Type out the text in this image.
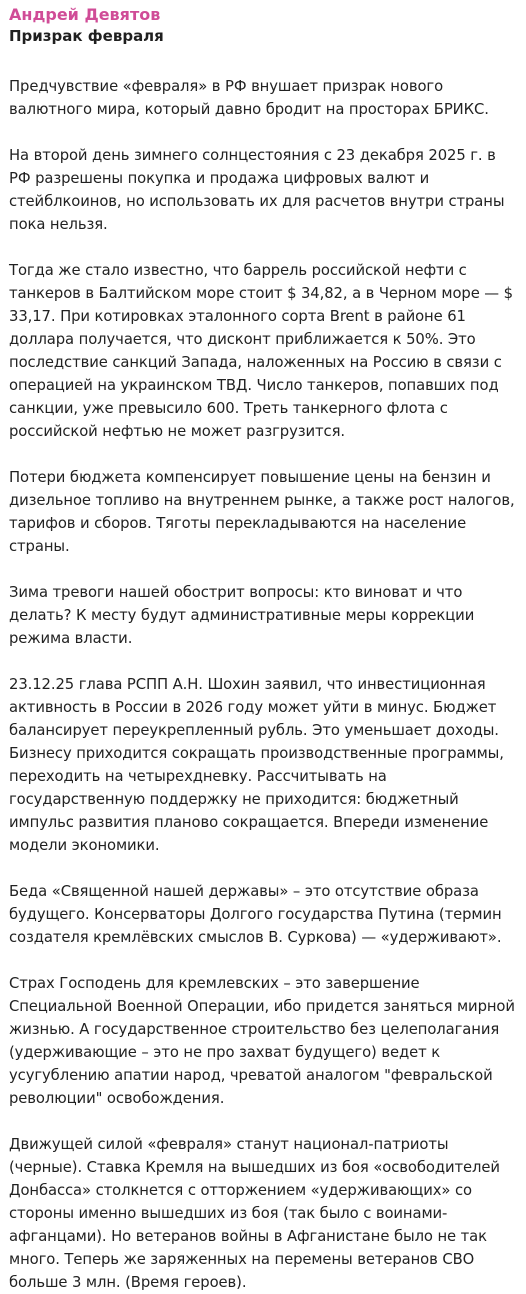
Андрей Девятов
Призрак февраля

Предчувствие «февраля» в РФ внушает призрак нового валютного мира, который давно бродит на просторах БРИКС.

На второй день зимнего солнцестояния с 23 декабря 2025 г. в РФ разрешены покупка и продажа цифровых валют и стейблкоинов, но использовать их для расчетов внутри страны пока нельзя.

Тогда же стало известно, что баррель российской нефти с танкеров в Балтийском море стоит $ 34,82, а в Черном море — $ 33,17. При котировках эталонного сорта Brent в районе 61 доллара получается, что дисконт приближается к 50%. Это последствие санкций Запада, наложенных на Россию в связи с операцией на украинском ТВД. Число танкеров, попавших под санкции, уже превысило 600. Треть танкерного флота с российской нефтью не может разгрузится.

Потери бюджета компенсирует повышение цены на бензин и дизельное топливо на внутреннем рынке, а также рост налогов, тарифов и сборов. Тяготы перекладываются на население страны.

Зима тревоги нашей обострит вопросы: кто виноват и что делать? К месту будут административные меры коррекции режима власти.

23.12.25 глава РСПП А.Н. Шохин заявил, что инвестиционная активность в России в 2026 году может уйти в минус. Бюджет балансирует переукрепленный рубль. Это уменьшает доходы. Бизнесу приходится сокращать производственные программы, переходить на четырехдневку. Рассчитывать на государственную поддержку не приходится: бюджетный импульс развития планово сокращается. Впереди изменение модели экономики.

Беда «Священной нашей державы» – это отсутствие образа будущего. Консерваторы Долгого государства Путина (термин создателя кремлёвских смыслов В. Суркова) — «удерживают».

Страх Господень для кремлевских – это завершение Специальной Военной Операции, ибо придется заняться мирной жизнью. А государственное строительство без целеполагания (удерживающие – это не про захват будущего) ведет к усугублению апатии народ, чреватой аналогом "февральской революции" освобождения.

Движущей силой «февраля» станут национал-патриоты (черные). Ставка Кремля на вышедших из боя «освободителей Донбасса» столкнется с отторжением «удерживающих» со стороны именно вышедших из боя (так было с воинами-афганцами). Но ветеранов войны в Афганистане было не так много. Теперь же заряженных на перемены ветеранов СВО больше 3 млн. (Время героев).
